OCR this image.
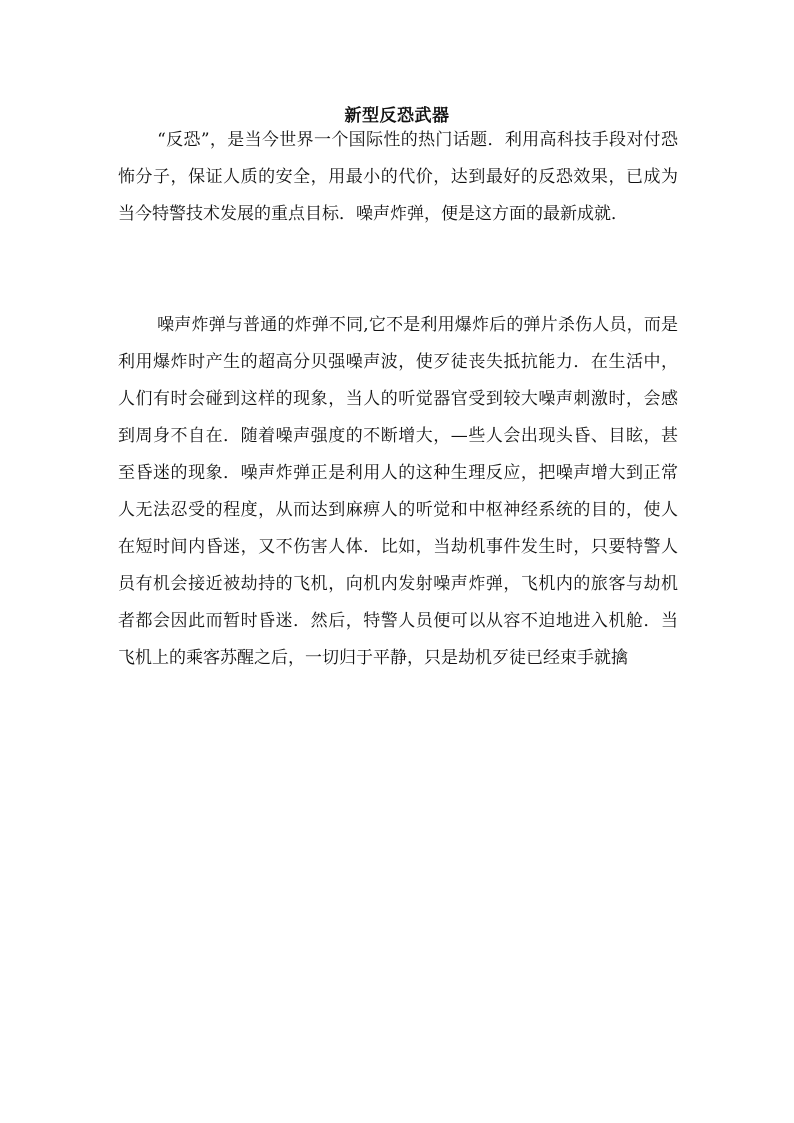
新型反恐武器

“反恐”，是当今世界一个国际性的热门话题．利用高科技手段对付恐怖分子，保证人质的安全，用最小的代价，达到最好的反恐效果，已成为当今特警技术发展的重点目标．噪声炸弹，便是这方面的最新成就．

噪声炸弹与普通的炸弹不同,它不是利用爆炸后的弹片杀伤人员，而是利用爆炸时产生的超高分贝强噪声波，使歹徒丧失抵抗能力．在生活中，人们有时会碰到这样的现象，当人的听觉器官受到较大噪声刺激时，会感到周身不自在．随着噪声强度的不断增大，—些人会出现头昏、目眩，甚至昏迷的现象．噪声炸弹正是利用人的这种生理反应，把噪声增大到正常人无法忍受的程度，从而达到麻痹人的听觉和中枢神经系统的目的，使人在短时间内昏迷，又不伤害人体．比如，当劫机事件发生时，只要特警人员有机会接近被劫持的飞机，向机内发射噪声炸弹，飞机内的旅客与劫机者都会因此而暂时昏迷．然后，特警人员便可以从容不迫地进入机舱．当飞机上的乘客苏醒之后，一切归于平静，只是劫机歹徒已经束手就擒
